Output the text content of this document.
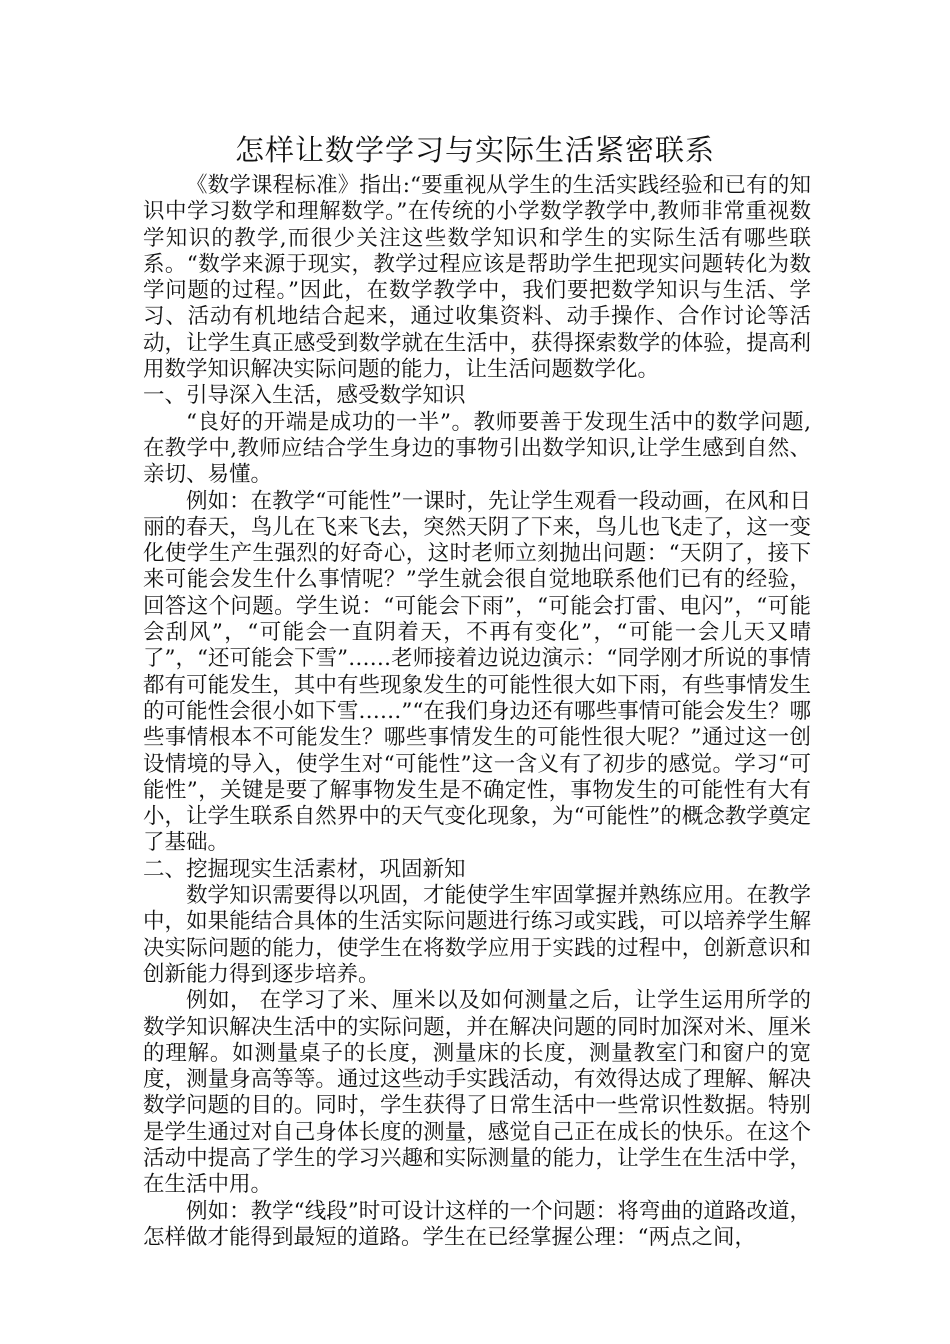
怎样让数学学习与实际生活紧密联系

《数学课程标准》指出:“要重视从学生的生活实践经验和已有的知识中学习数学和理解数学。”在传统的小学数学教学中,教师非常重视数学知识的教学,而很少关注这些数学知识和学生的实际生活有哪些联系。“数学来源于现实，教学过程应该是帮助学生把现实问题转化为数学问题的过程。”因此，在数学教学中，我们要把数学知识与生活、学习、活动有机地结合起来，通过收集资料、动手操作、合作讨论等活动，让学生真正感受到数学就在生活中，获得探索数学的体验，提高利用数学知识解决实际问题的能力，让生活问题数学化。

一、引导深入生活，感受数学知识

“良好的开端是成功的一半”。教师要善于发现生活中的数学问题,在教学中,教师应结合学生身边的事物引出数学知识,让学生感到自然、亲切、易懂。

例如：在教学“可能性”一课时，先让学生观看一段动画，在风和日丽的春天，鸟儿在飞来飞去，突然天阴了下来，鸟儿也飞走了，这一变化使学生产生强烈的好奇心，这时老师立刻抛出问题：“天阴了，接下来可能会发生什么事情呢？”学生就会很自觉地联系他们已有的经验，回答这个问题。学生说：“可能会下雨”，“可能会打雷、电闪”，“可能会刮风”，“可能会一直阴着天，不再有变化”，“可能一会儿天又晴了”，“还可能会下雪”……老师接着边说边演示：“同学刚才所说的事情都有可能发生，其中有些现象发生的可能性很大如下雨，有些事情发生的可能性会很小如下雪……”“在我们身边还有哪些事情可能会发生？哪些事情根本不可能发生？哪些事情发生的可能性很大呢？”通过这一创设情境的导入，使学生对“可能性”这一含义有了初步的感觉。学习“可能性”，关键是要了解事物发生是不确定性，事物发生的可能性有大有小，让学生联系自然界中的天气变化现象，为“可能性”的概念教学奠定了基础。

二、挖掘现实生活素材，巩固新知

数学知识需要得以巩固，才能使学生牢固掌握并熟练应用。在教学中，如果能结合具体的生活实际问题进行练习或实践，可以培养学生解决实际问题的能力，使学生在将数学应用于实践的过程中，创新意识和创新能力得到逐步培养。

例如， 在学习了米、厘米以及如何测量之后，让学生运用所学的数学知识解决生活中的实际问题，并在解决问题的同时加深对米、厘米的理解。如测量桌子的长度，测量床的长度，测量教室门和窗户的宽度，测量身高等等。通过这些动手实践活动，有效得达成了理解、解决数学问题的目的。同时，学生获得了日常生活中一些常识性数据。特别是学生通过对自己身体长度的测量，感觉自己正在成长的快乐。在这个活动中提高了学生的学习兴趣和实际测量的能力，让学生在生活中学，在生活中用。

例如：教学“线段”时可设计这样的一个问题：将弯曲的道路改道，怎样做才能得到最短的道路。学生在已经掌握公理：“两点之间，
